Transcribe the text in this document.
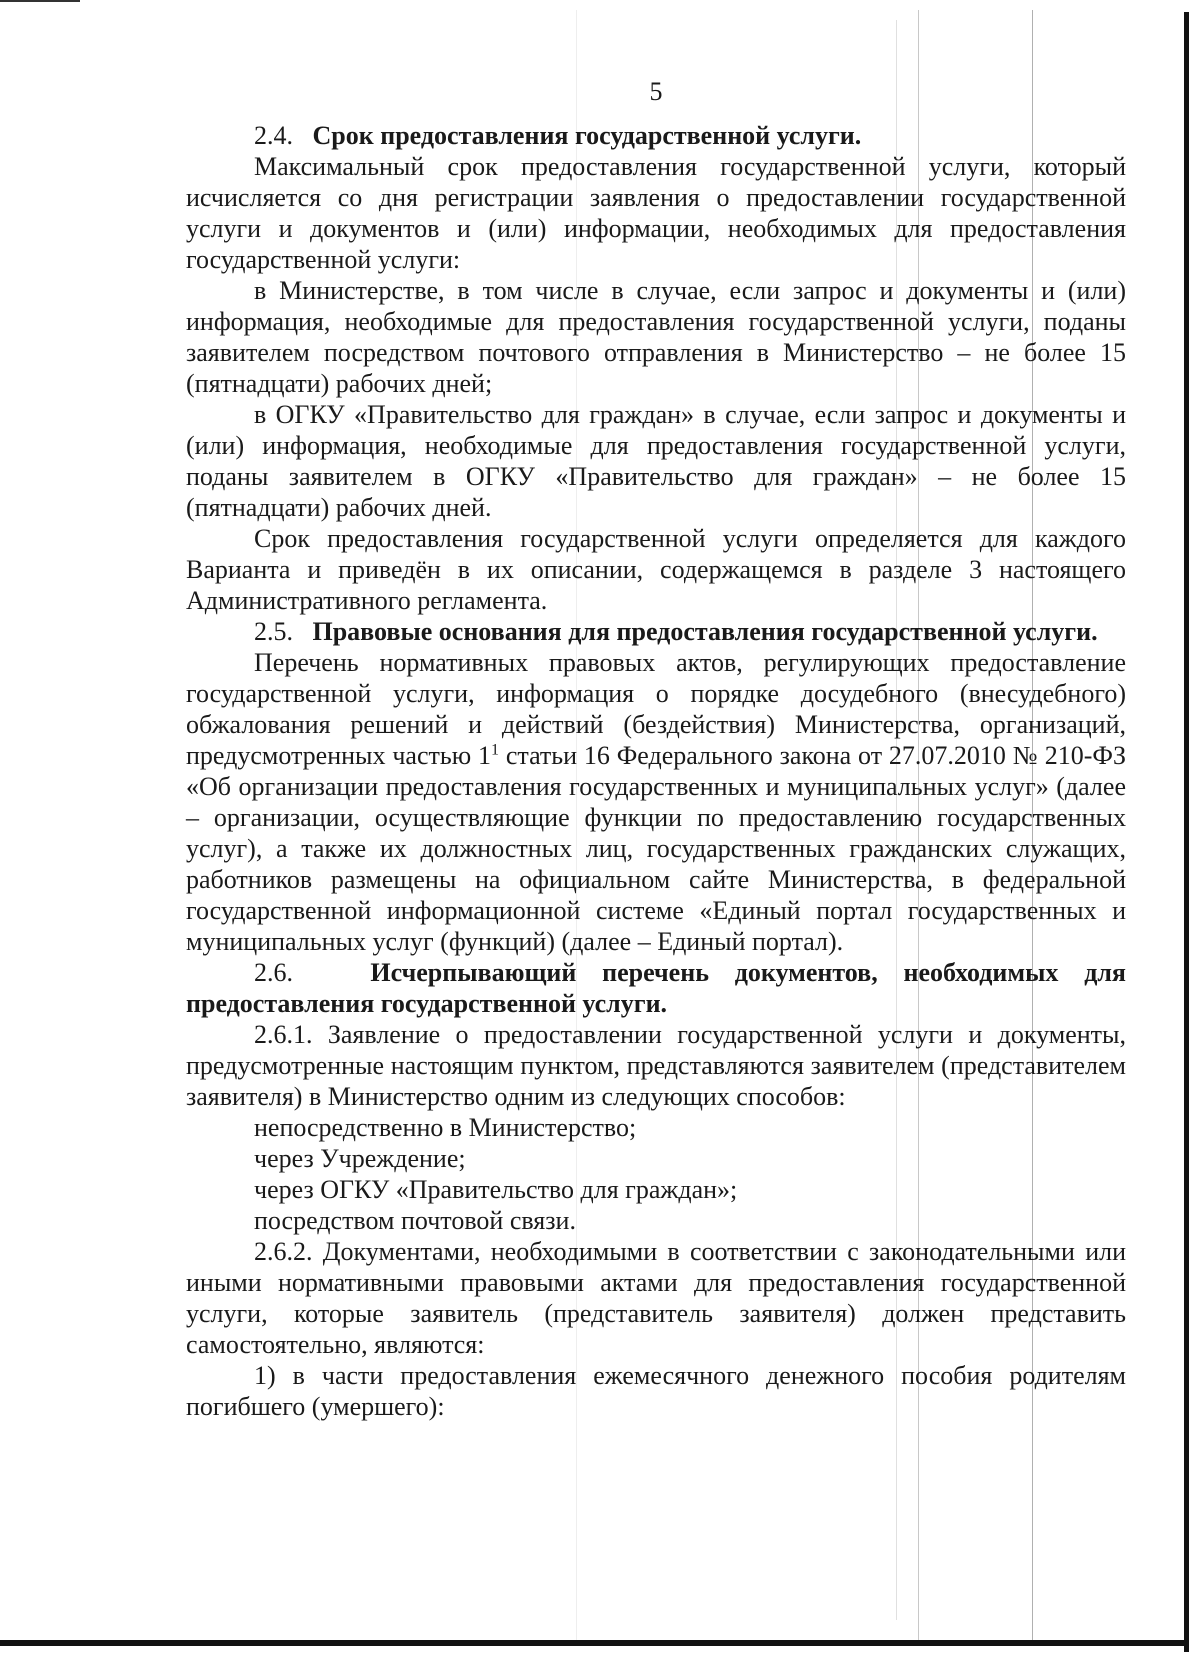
5

2.4. Срок предоставления государственной услуги.

Максимальный срок предоставления государственной услуги, который исчисляется со дня регистрации заявления о предоставлении государственной услуги и документов и (или) информации, необходимых для предоставления государственной услуги:

в Министерстве, в том числе в случае, если запрос и документы и (или) информация, необходимые для предоставления государственной услуги, поданы заявителем посредством почтового отправления в Министерство – не более 15 (пятнадцати) рабочих дней;

в ОГКУ «Правительство для граждан» в случае, если запрос и документы и (или) информация, необходимые для предоставления государственной услуги, поданы заявителем в ОГКУ «Правительство для граждан» – не более 15 (пятнадцати) рабочих дней.

Срок предоставления государственной услуги определяется для каждого Варианта и приведён в их описании, содержащемся в разделе 3 настоящего Административного регламента.

2.5. Правовые основания для предоставления государственной услуги.

Перечень нормативных правовых актов, регулирующих предоставление государственной услуги, информация о порядке досудебного (внесудебного) обжалования решений и действий (бездействия) Министерства, организаций, предусмотренных частью $1^1$ статьи 16 Федерального закона от 27.07.2010 № 210-ФЗ «Об организации предоставления государственных и муниципальных услуг» (далее – организации, осуществляющие функции по предоставлению государственных услуг), а также их должностных лиц, государственных гражданских служащих, работников размещены на официальном сайте Министерства, в федеральной государственной информационной системе «Единый портал государственных и муниципальных услуг (функций) (далее – Единый портал).

2.6.	Исчерпывающий перечень документов, необходимых для предоставления государственной услуги.

2.6.1. Заявление о предоставлении государственной услуги и документы, предусмотренные настоящим пунктом, представляются заявителем (представителем заявителя) в Министерство одним из следующих способов:

непосредственно в Министерство;

через Учреждение;

через ОГКУ «Правительство для граждан»;

посредством почтовой связи.

2.6.2. Документами, необходимыми в соответствии с законодательными или иными нормативными правовыми актами для предоставления государственной услуги, которые заявитель (представитель заявителя) должен представить самостоятельно, являются:

1) в части предоставления ежемесячного денежного пособия родителям погибшего (умершего):
